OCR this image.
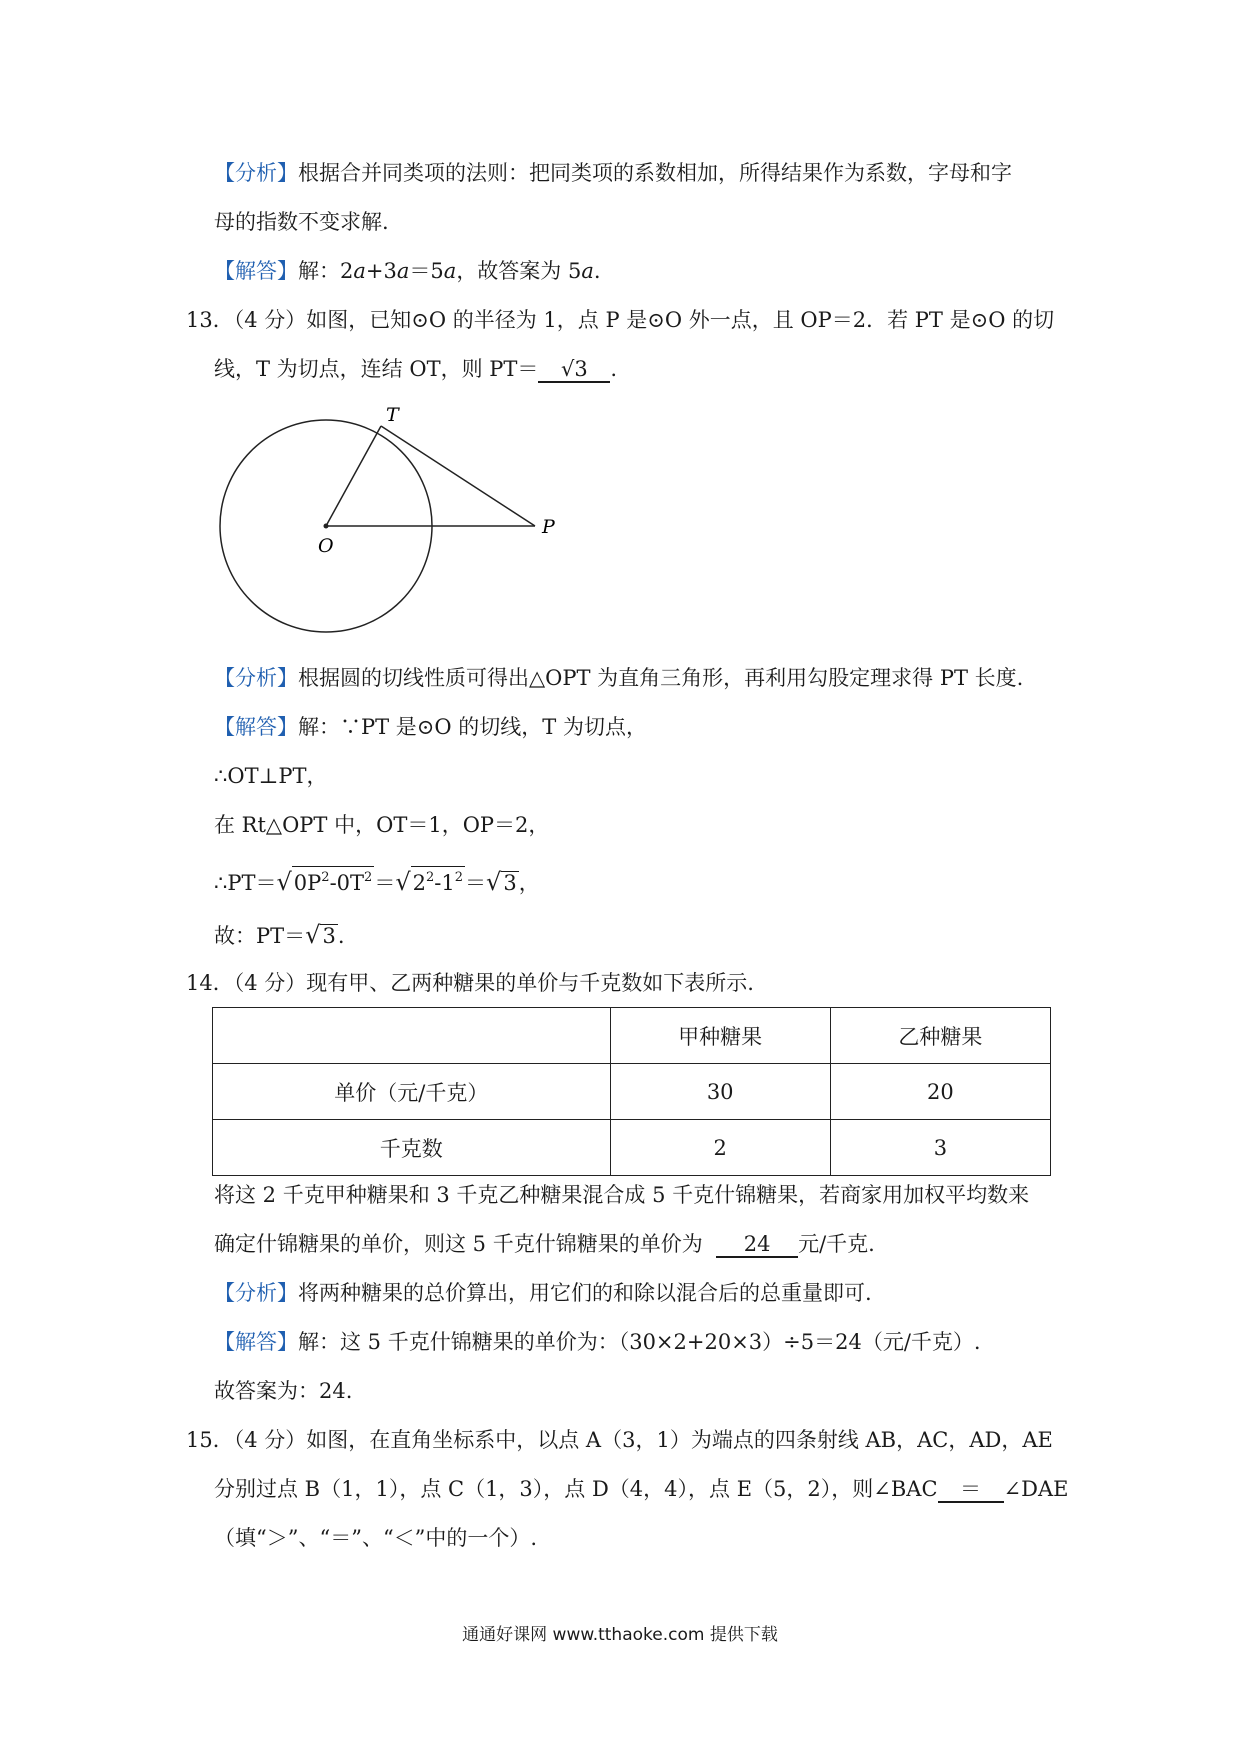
【分析】根据合并同类项的法则：把同类项的系数相加，所得结果作为系数，字母和字
母的指数不变求解.
【解答】解：2a+3a＝5a，故答案为 5a.
13．（4 分）如图，已知⊙O 的半径为 1，点 P 是⊙O 外一点，且 OP＝2．若 PT 是⊙O 的切
线，T 为切点，连结 OT，则 PT＝ √3 .
T
O
P
【分析】根据圆的切线性质可得出△OPT 为直角三角形，再利用勾股定理求得 PT 长度.
【解答】解：∵PT 是⊙O 的切线，T 为切点，
∴OT⊥PT，
在 Rt△OPT 中，OT＝1，OP＝2，
$\therefore PT=√0P^2-0T^2=√2^2-1^2=√3$，
故：PT＝√3.
14．（4 分）现有甲、乙两种糖果的单价与千克数如下表所示.
	甲种糖果	乙种糖果
单价（元/千克）	30	20
千克数	2	3
将这 2 千克甲种糖果和 3 千克乙种糖果混合成 5 千克什锦糖果，若商家用加权平均数来
确定什锦糖果的单价，则这 5 千克什锦糖果的单价为 24 元/千克.
【分析】将两种糖果的总价算出，用它们的和除以混合后的总重量即可.
【解答】解：这 5 千克什锦糖果的单价为：（30×2+20×3）÷5＝24（元/千克）.
故答案为：24.
15．（4 分）如图，在直角坐标系中，以点 A（3，1）为端点的四条射线 AB，AC，AD，AE
分别过点 B（1，1），点 C（1，3），点 D（4，4），点 E（5，2），则∠BAC ＝ ∠DAE
（填“＞”、“＝”、“＜”中的一个）.
通通好课网 www.tthaoke.com 提供下载
